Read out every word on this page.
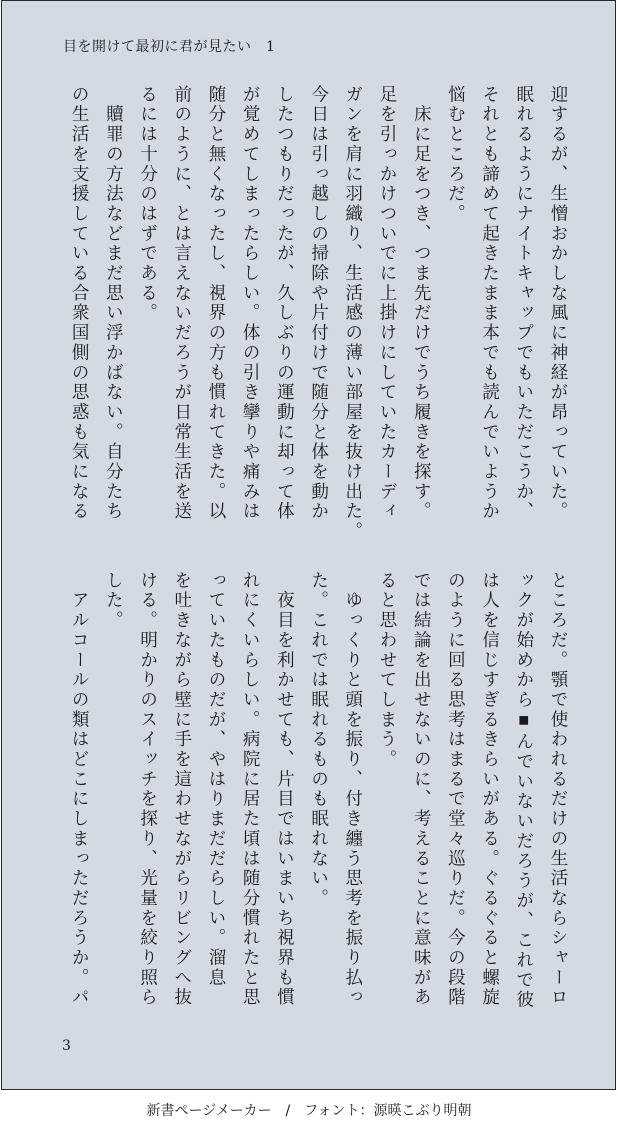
目を開けて最初に君が見たい　 1
迎するが、生憎おかしな風に神経が昂っていた。
眠れるようにナイトキャップでもいただこうか、
それとも諦めて起きたまま本でも読んでいようか
悩むところだ。
　床に足をつき、つま先だけでうち履きを探す。
足を引っかけついでに上掛けにしていたカーディ
ガンを肩に羽織り、生活感の薄い部屋を抜け出た。
今日は引っ越しの掃除や片付けで随分と体を動か
したつもりだったが、久しぶりの運動に却って体
が覚めてしまったらしい。体の引き攣りや痛みは
随分と無くなったし、視界の方も慣れてきた。以
前のように、とは言えないだろうが日常生活を送
るには十分のはずである。
　贖罪の方法などまだ思い浮かばない。自分たち
の生活を支援している合衆国側の思惑も気になる
ところだ。顎で使われるだけの生活ならシャーロ
ックが始めから▪んでいないだろうが、これで彼
は人を信じすぎるきらいがある。ぐるぐると螺旋
のように回る思考はまるで堂々巡りだ。今の段階
では結論を出せないのに、考えることに意味があ
ると思わせてしまう。
　ゆっくりと頭を振り、付き纏う思考を振り払っ
た。これでは眠れるものも眠れない。
　夜目を利かせても、片目ではいまいち視界も慣
れにくいらしい。病院に居た頃は随分慣れたと思
っていたものだが、やはりまだだらしい。溜息
を吐きながら壁に手を這わせながらリビングへ抜
ける。明かりのスイッチを探り、光量を絞り照ら
した。
　アルコールの類はどこにしまっただろうか。パ
3
新書ページメーカー　 /　 フォント：源暎こぶり明朝
